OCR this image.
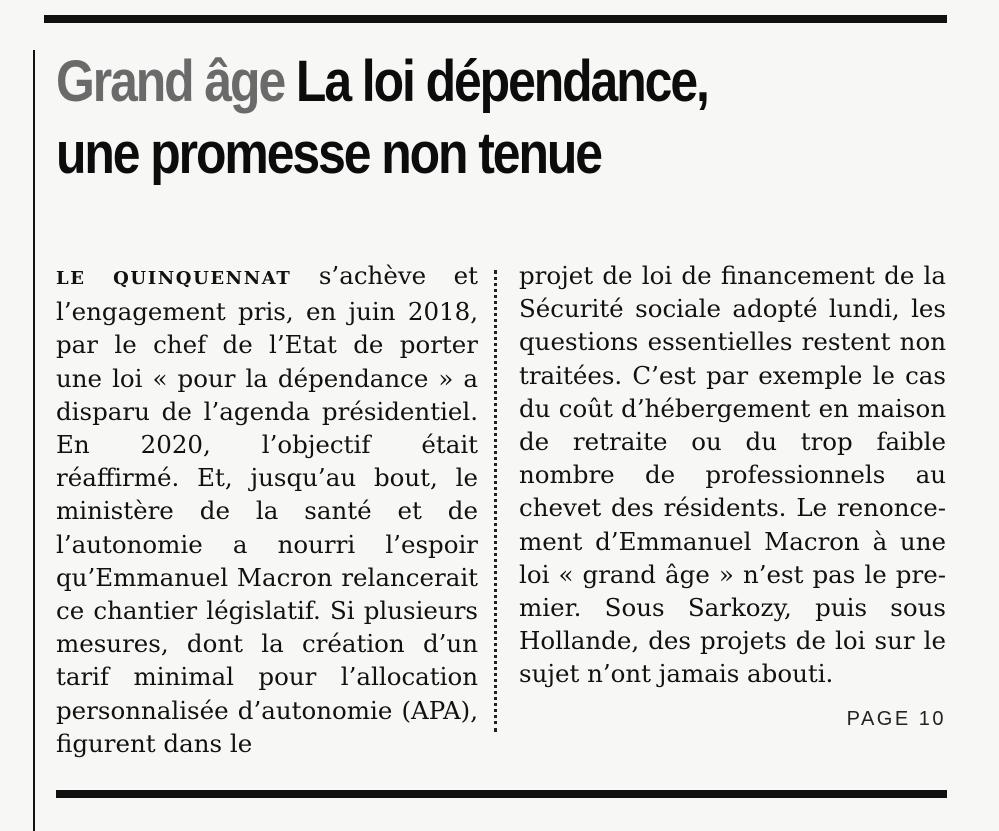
Grand âge La loi dépendance,
une promesse non tenue

LE QUINQUENNAT s’achève et l’engagement pris, en juin 2018, par le chef de l’Etat de porter une loi « pour la dépendance » a disparu de l’agenda présidentiel. En 2020, l’objectif était réaffirmé. Et, jusqu’au bout, le ministère de la santé et de l’autonomie a nourri l’espoir qu’Emmanuel Macron relancerait ce chantier législatif. Si plusieurs mesures, dont la création d’un tarif minimal pour l’allocation personnalisée d’autonomie (APA), figurent dans le

projet de loi de financement de la Sécurité sociale adopté lundi, les questions essentielles restent non traitées. C’est par exemple le cas du coût d’hébergement en maison de retraite ou du trop faible nombre de professionnels au chevet des résidents. Le renoncement d’Emmanuel Macron à une loi « grand âge » n’est pas le premier. Sous Sarkozy, puis sous Hollande, des projets de loi sur le sujet n’ont jamais abouti.

PAGE 10
